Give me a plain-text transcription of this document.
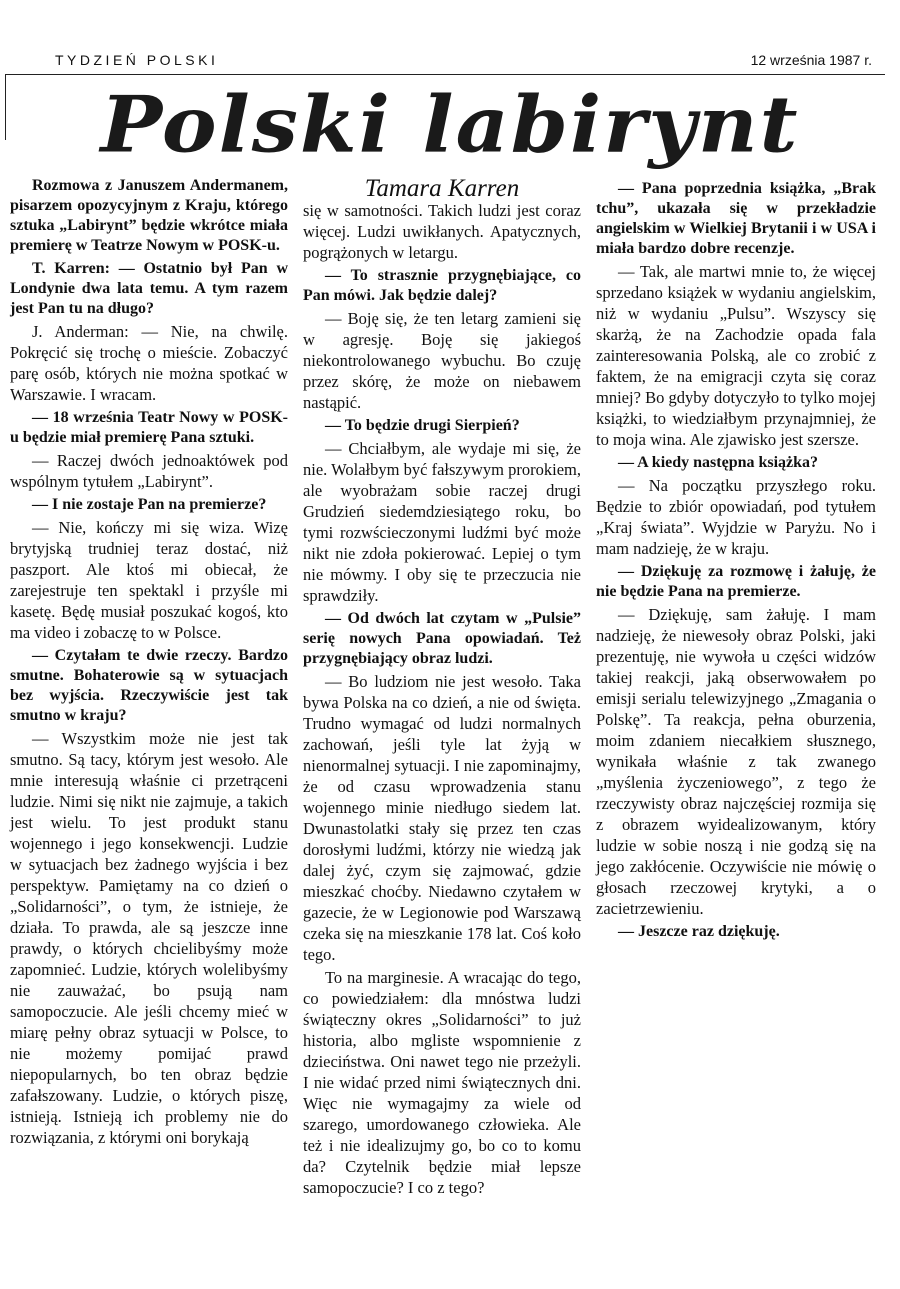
TYDZIEŃ POLSKI	12 września 1987 r.
Polski labirynt

Rozmowa z Januszem Andermanem, pisarzem opozycyjnym z Kraju, którego sztuka „Labirynt” będzie wkrótce miała premierę w Teatrze Nowym w POSK-u.

T. Karren: — Ostatnio był Pan w Londynie dwa lata temu. A tym razem jest Pan tu na długo?

J. Anderman: — Nie, na chwilę. Pokręcić się trochę o mieście. Zobaczyć parę osób, których nie można spotkać w Warszawie. I wracam.

— 18 września Teatr Nowy w POSK-u będzie miał premierę Pana sztuki.

— Raczej dwóch jednoaktówek pod wspólnym tytułem „Labirynt”.

— I nie zostaje Pan na premierze?

— Nie, kończy mi się wiza. Wizę brytyjską trudniej teraz dostać, niż paszport. Ale ktoś mi obiecał, że zarejestruje ten spektakl i przyśle mi kasetę. Będę musiał poszukać kogoś, kto ma video i zobaczę to w Polsce.

— Czytałam te dwie rzeczy. Bardzo smutne. Bohaterowie są w sytuacjach bez wyjścia. Rzeczywiście jest tak smutno w kraju?

— Wszystkim może nie jest tak smutno. Są tacy, którym jest wesoło. Ale mnie interesują właśnie ci przetrąceni ludzie. Nimi się nikt nie zajmuje, a takich jest wielu. To jest produkt stanu wojennego i jego konsekwencji. Ludzie w sytuacjach bez żadnego wyjścia i bez perspektyw. Pamiętamy na co dzień o „Solidarności”, o tym, że istnieje, że działa. To prawda, ale są jeszcze inne prawdy, o których chcielibyśmy może zapomnieć. Ludzie, których wolelibyśmy nie zauważać, bo psują nam samopoczucie. Ale jeśli chcemy mieć w miarę pełny obraz sytuacji w Polsce, to nie możemy pomijać prawd niepopularnych, bo ten obraz będzie zafałszowany. Ludzie, o których piszę, istnieją. Istnieją ich problemy nie do rozwiązania, z którymi oni borykają

Tamara Karren

się w samotności. Takich ludzi jest coraz więcej. Ludzi uwikłanych. Apatycznych, pogrążonych w letargu.

— To strasznie przygnębiające, co Pan mówi. Jak będzie dalej?

— Boję się, że ten letarg zamieni się w agresję. Boję się jakiegoś niekontrolowanego wybuchu. Bo czuję przez skórę, że może on niebawem nastąpić.

— To będzie drugi Sierpień?

— Chciałbym, ale wydaje mi się, że nie. Wolałbym być fałszywym prorokiem, ale wyobrażam sobie raczej drugi Grudzień siedemdziesiątego roku, bo tymi rozwścieczonymi ludźmi być może nikt nie zdoła pokierować. Lepiej o tym nie mówmy. I oby się te przeczucia nie sprawdziły.

— Od dwóch lat czytam w „Pulsie” serię nowych Pana opowiadań. Też przygnębiający obraz ludzi.

— Bo ludziom nie jest wesoło. Taka bywa Polska na co dzień, a nie od święta. Trudno wymagać od ludzi normalnych zachowań, jeśli tyle lat żyją w nienormalnej sytuacji. I nie zapominajmy, że od czasu wprowadzenia stanu wojennego minie niedługo siedem lat. Dwunastolatki stały się przez ten czas dorosłymi ludźmi, którzy nie wiedzą jak dalej żyć, czym się zajmować, gdzie mieszkać choćby. Niedawno czytałem w gazecie, że w Legionowie pod Warszawą czeka się na mieszkanie 178 lat. Coś koło tego.

To na marginesie. A wracając do tego, co powiedziałem: dla mnóstwa ludzi świąteczny okres „Solidarności” to już historia, albo mgliste wspomnienie z dzieciństwa. Oni nawet tego nie przeżyli. I nie widać przed nimi świątecznych dni. Więc nie wymagajmy za wiele od szarego, umordowanego człowieka. Ale też i nie idealizujmy go, bo co to komu da? Czytelnik będzie miał lepsze samopoczucie? I co z tego?

— Pana poprzednia książka, „Brak tchu”, ukazała się w przekładzie angielskim w Wielkiej Brytanii i w USA i miała bardzo dobre recenzje.

— Tak, ale martwi mnie to, że więcej sprzedano książek w wydaniu angielskim, niż w wydaniu „Pulsu”. Wszyscy się skarżą, że na Zachodzie opada fala zainteresowania Polską, ale co zrobić z faktem, że na emigracji czyta się coraz mniej? Bo gdyby dotyczyło to tylko mojej książki, to wiedziałbym przynajmniej, że to moja wina. Ale zjawisko jest szersze.

— A kiedy następna książka?

— Na początku przyszłego roku. Będzie to zbiór opowiadań, pod tytułem „Kraj świata”. Wyjdzie w Paryżu. No i mam nadzieję, że w kraju.

— Dziękuję za rozmowę i żałuję, że nie będzie Pana na premierze.

— Dziękuję, sam żałuję. I mam nadzieję, że niewesoły obraz Polski, jaki prezentuję, nie wywoła u części widzów takiej reakcji, jaką obserwowałem po emisji serialu telewizyjnego „Zmagania o Polskę”. Ta reakcja, pełna oburzenia, moim zdaniem niecałkiem słusznego, wynikała właśnie z tak zwanego „myślenia życzeniowego”, z tego że rzeczywisty obraz najczęściej rozmija się z obrazem wyidealizowanym, który ludzie w sobie noszą i nie godzą się na jego zakłócenie. Oczywiście nie mówię o głosach rzeczowej krytyki, a o zacietrzewieniu.

— Jeszcze raz dziękuję.
